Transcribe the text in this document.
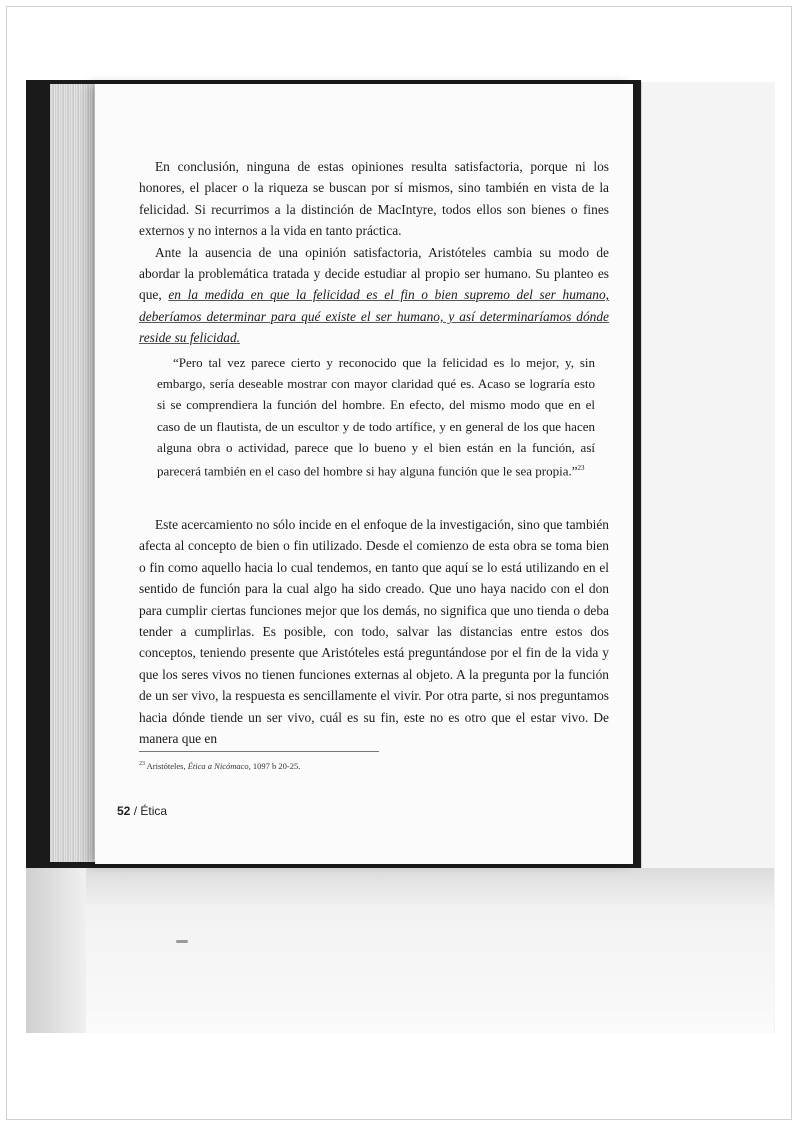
En conclusión, ninguna de estas opiniones resulta satisfactoria, porque ni los honores, el placer o la riqueza se buscan por sí mismos, sino también en vista de la felicidad. Si recurrimos a la distinción de MacIntyre, todos ellos son bienes o fines externos y no internos a la vida en tanto práctica.

Ante la ausencia de una opinión satisfactoria, Aristóteles cambia su modo de abordar la problemática tratada y decide estudiar al propio ser humano. Su planteo es que, en la medida en que la felicidad es el fin o bien supremo del ser humano, deberíamos determinar para qué existe el ser humano, y así determinaríamos dónde reside su felicidad.

“Pero tal vez parece cierto y reconocido que la felicidad es lo mejor, y, sin embargo, sería deseable mostrar con mayor claridad qué es. Acaso se lograría esto si se comprendiera la función del hombre. En efecto, del mismo modo que en el caso de un flautista, de un escultor y de todo artífice, y en general de los que hacen alguna obra o actividad, parece que lo bueno y el bien están en la función, así parecerá también en el caso del hombre si hay alguna función que le sea propia.”$^{23}$

Este acercamiento no sólo incide en el enfoque de la investigación, sino que también afecta al concepto de bien o fin utilizado. Desde el comienzo de esta obra se toma bien o fin como aquello hacia lo cual tendemos, en tanto que aquí se lo está utilizando en el sentido de función para la cual algo ha sido creado. Que uno haya nacido con el don para cumplir ciertas funciones mejor que los demás, no significa que uno tienda o deba tender a cumplirlas. Es posible, con todo, salvar las distancias entre estos dos conceptos, teniendo presente que Aristóteles está preguntándose por el fin de la vida y que los seres vivos no tienen funciones externas al objeto. A la pregunta por la función de un ser vivo, la respuesta es sencillamente el vivir. Por otra parte, si nos preguntamos hacia dónde tiende un ser vivo, cuál es su fin, este no es otro que el estar vivo. De manera que en

$^{23}$ Aristóteles, Ética a Nicómaco, 1097 b 20-25.
52 / Ética
